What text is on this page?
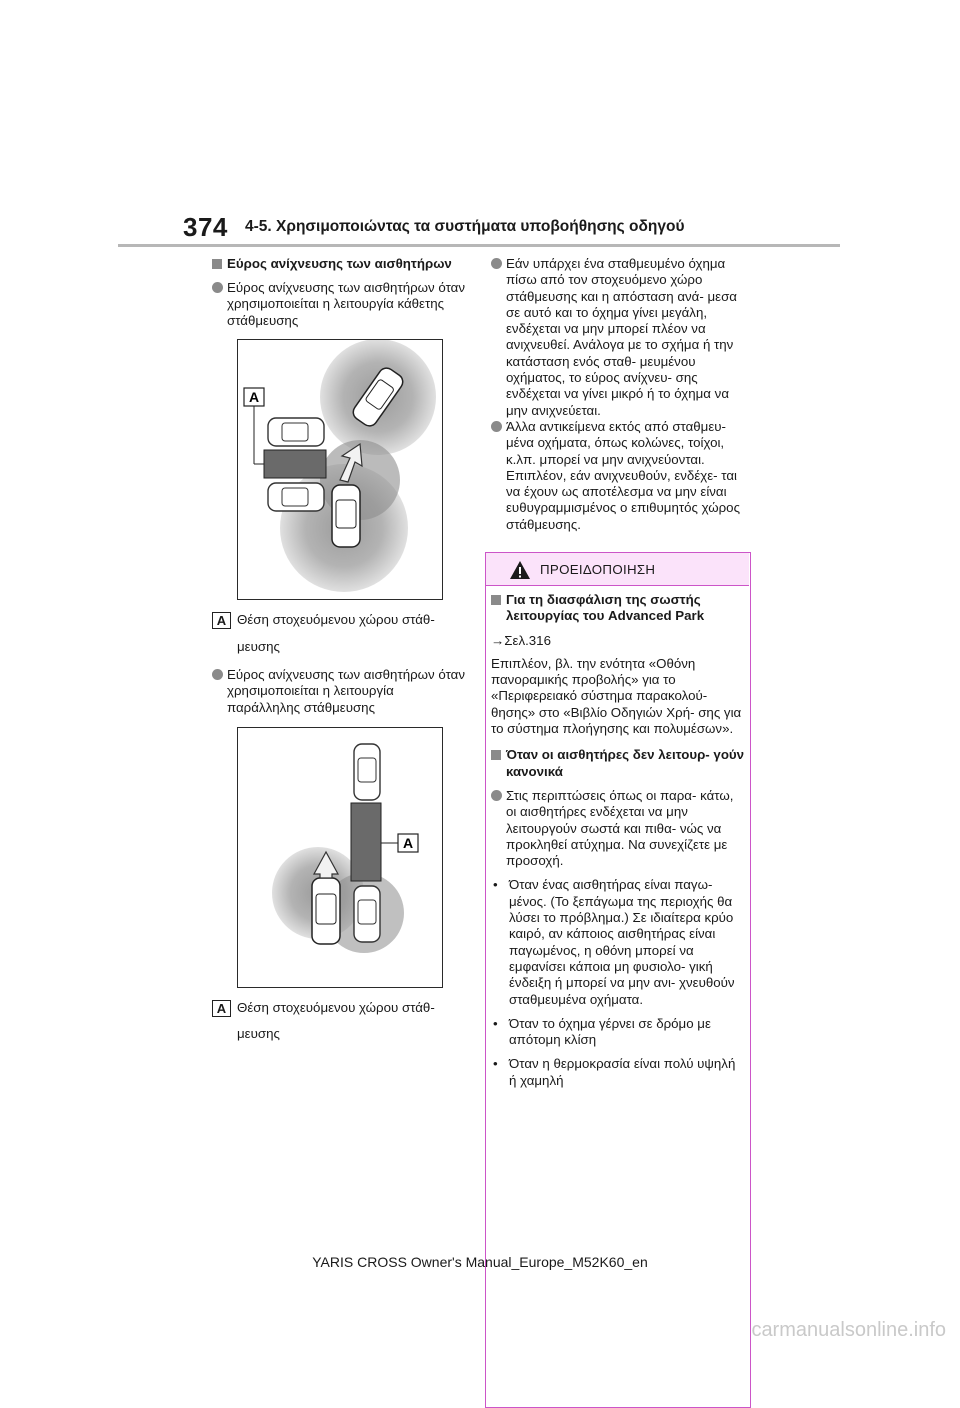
374 4-5. Χρησιμοποιώντας τα συστήματα υποβοήθησης οδηγού
Εύρος ανίχνευσης των αισθητήρων
Εύρος ανίχνευσης των αισθητήρων όταν χρησιμοποιείται η λειτουργία κάθετης στάθμευσης
A
A Θέση στοχευόμενου χώρου στάθ-
μευσης
Εύρος ανίχνευσης των αισθητήρων όταν χρησιμοποιείται η λειτουργία παράλληλης στάθμευσης
A
A Θέση στοχευόμενου χώρου στάθ-
μευσης
Εάν υπάρχει ένα σταθμευμένο όχημα πίσω από τον στοχευόμενο χώρο στάθμευσης και η απόσταση ανά- μεσα σε αυτό και το όχημα γίνει μεγάλη, ενδέχεται να μην μπορεί πλέον να ανιχνευθεί. Ανάλογα με το σχήμα ή την κατάσταση ενός σταθ- μευμένου οχήματος, το εύρος ανίχνευ- σης ενδέχεται να γίνει μικρό ή το όχημα να μην ανιχνεύεται.
Άλλα αντικείμενα εκτός από σταθμευ- μένα οχήματα, όπως κολώνες, τοίχοι, κ.λπ. μπορεί να μην ανιχνεύονται. Επιπλέον, εάν ανιχνευθούν, ενδέχε- ται να έχουν ως αποτέλεσμα να μην είναι ευθυγραμμισμένος ο επιθυμητός χώρος στάθμευσης.
ΠΡΟΕΙΔΟΠΟΙΗΣΗ
Για τη διασφάλιση της σωστής λειτουργίας του Advanced Park
→Σελ.316
Επιπλέον, βλ. την ενότητα «Οθόνη πανοραμικής προβολής» για το «Περιφερειακό σύστημα παρακολού- θησης» στο «Βιβλίο Οδηγιών Χρή- σης για το σύστημα πλοήγησης και πολυμέσων».
Όταν οι αισθητήρες δεν λειτουρ- γούν κανονικά
Στις περιπτώσεις όπως οι παρα- κάτω, οι αισθητήρες ενδέχεται να μην λειτουργούν σωστά και πιθα- νώς να προκληθεί ατύχημα. Να συνεχίζετε με προσοχή.
• Όταν ένας αισθητήρας είναι παγω- μένος. (Το ξεπάγωμα της περιοχής θα λύσει το πρόβλημα.) Σε ιδιαίτερα κρύο καιρό, αν κάποιος αισθητήρας είναι παγωμένος, η οθόνη μπορεί να εμφανίσει κάποια μη φυσιολο- γική ένδειξη ή μπορεί να μην ανι- χνευθούν σταθμευμένα οχήματα.
• Όταν το όχημα γέρνει σε δρόμο με απότομη κλίση
• Όταν η θερμοκρασία είναι πολύ υψηλή ή χαμηλή
YARIS CROSS Owner's Manual_Europe_M52K60_en
carmanualsonline.info
